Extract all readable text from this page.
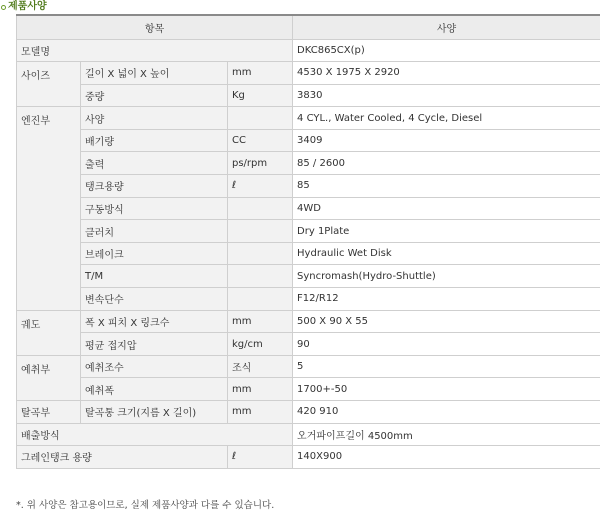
제품사양
항목			사양
모델명			DKC865CX(p)
사이즈	길이 X 넓이 X 높이	mm	4530 X 1975 X 2920
	중량	Kg	3830
엔진부	사양		4 CYL., Water Cooled, 4 Cycle, Diesel
	배기량	CC	3409
	출력	ps/rpm	85 / 2600
	탱크용량	ℓ	85
	구동방식		4WD
	클러치		Dry 1Plate
	브레이크		Hydraulic Wet Disk
	T/M		Syncromash(Hydro-Shuttle)
	변속단수		F12/R12
궤도	폭 X 피치 X 링크수	mm	500 X 90 X 55
	평균 접지압	kg/cm	90
예취부	예취조수	조식	5
	예취폭	mm	1700+-50
탈곡부	탈곡통 크기(지름 X 길이)	mm	420 910
배출방식			오거파이프길이 4500mm
그레인탱크 용량		ℓ	140X900
*. 위 사양은 참고용이므로, 실제 제품사양과 다를 수 있습니다.
